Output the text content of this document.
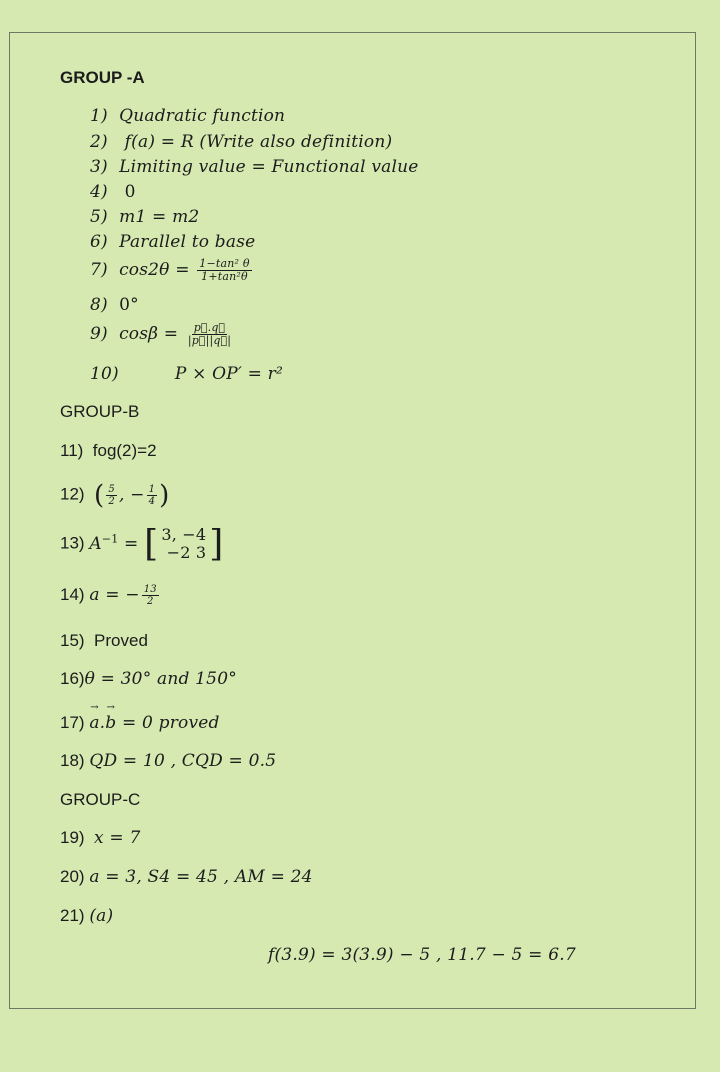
GROUP -A
1) Quadratic function
2) f(a) = R (Write also definition)
3) Limiting value = Functional value
4) 0
5) m1 = m2
6) Parallel to base
7) $\cos 2\theta = \frac{\text{1−tan² θ}}{\text{1+tan²θ}}$
8) 0°
9) $\cos\beta = \frac{p⃗.q⃗}{|p⃗||q⃗|}$
10)	P × OP′ = r²
GROUP-B
11) fog(2)=2
12) ( $\frac{5}{2}$ , − $\frac{1}{4}$ )
13) $A^{-1}$ = [ 3, −4
−2 3 ]
14) a = − $\frac{13}{2}$
15) Proved
16)θ = 30° and 150°
17) → a.→ b = 0 proved
18) QD = 10 , CQD = 0.5
GROUP-C
19) x = 7
20) a = 3, S4 = 45 , AM = 24
21) (a)
f(3.9) = 3(3.9) − 5 , 11.7 − 5 = 6.7
